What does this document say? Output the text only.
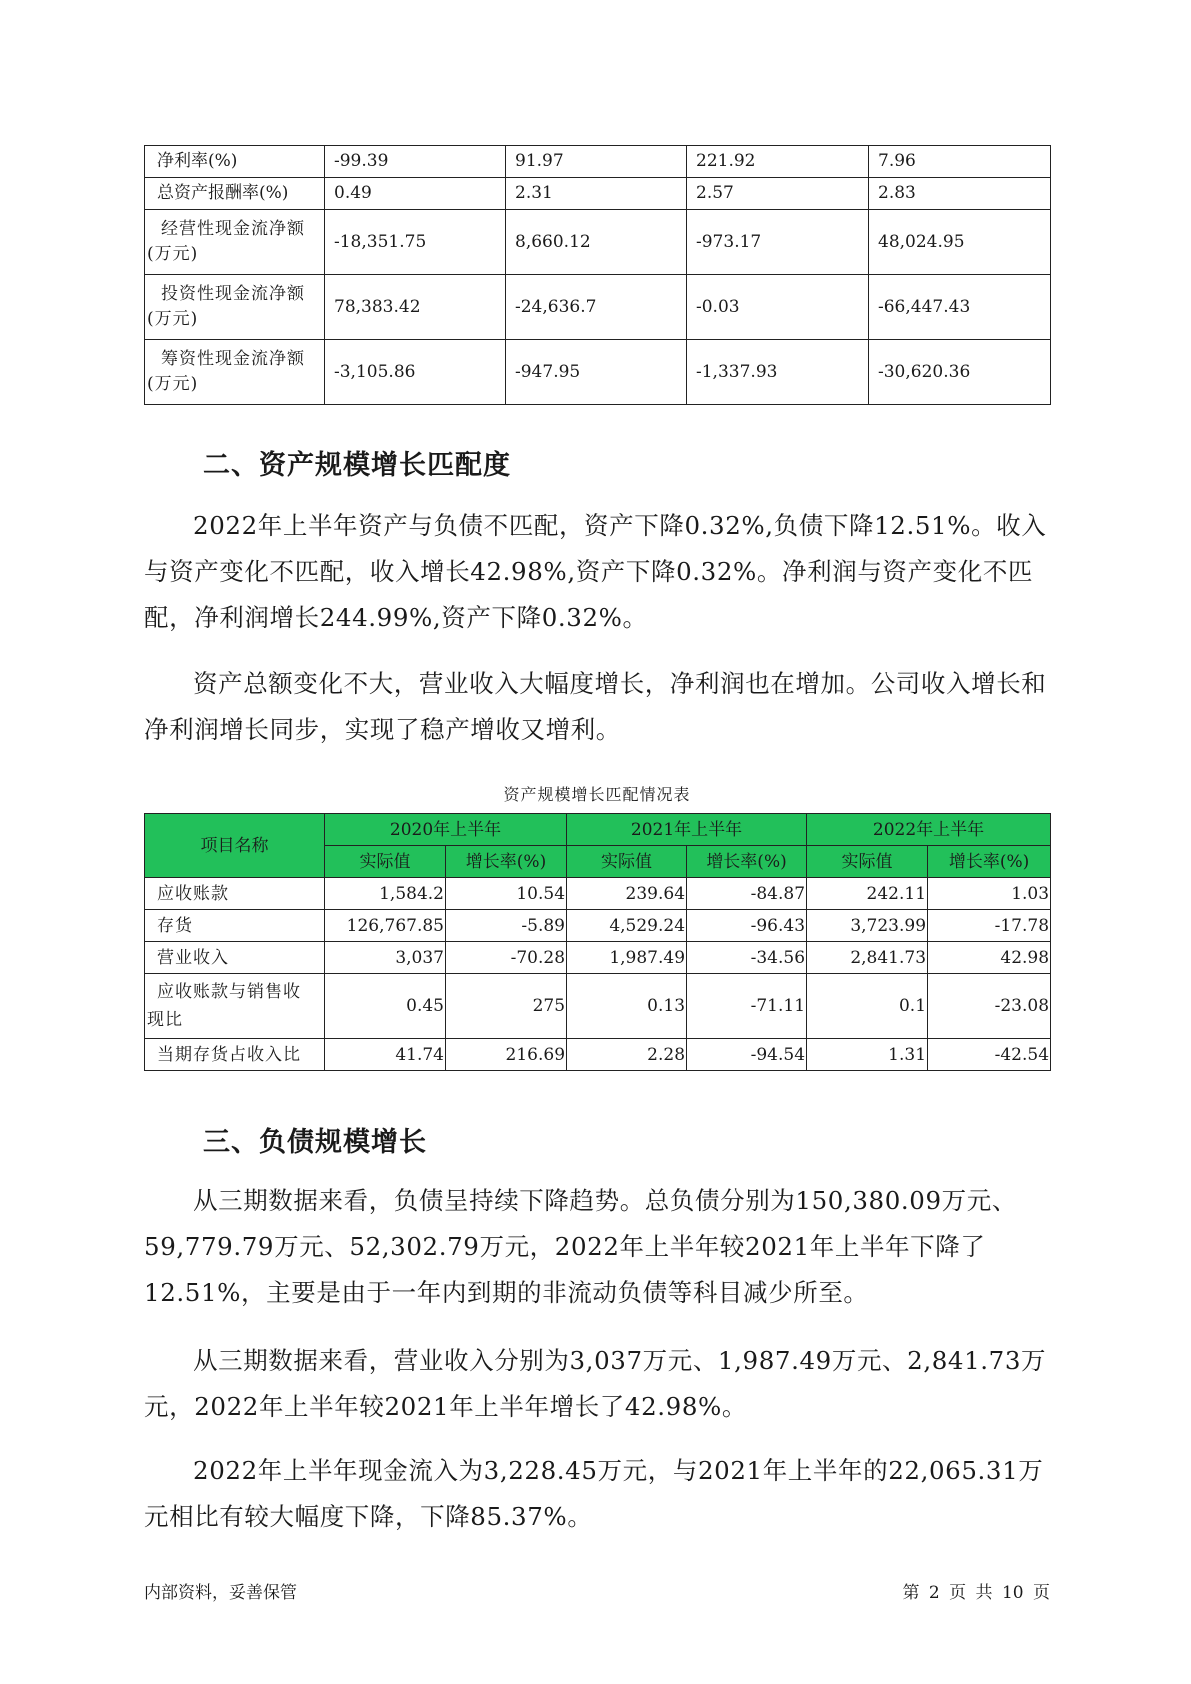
净利率(%)	-99.39	91.97	221.92	7.96
总资产报酬率(%)	0.49	2.31	2.57	2.83

经营性现金流净额
(万元)	-18,351.75	8,660.12	-973.17	48,024.95

投资性现金流净额
(万元)	78,383.42	-24,636.7	-0.03	-66,447.43

筹资性现金流净额
(万元)	-3,105.86	-947.95	-1,337.93	-30,620.36
二、资产规模增长匹配度

2022年上半年资产与负债不匹配，资产下降0.32%,负债下降12.51%。收入与资产变化不匹配，收入增长42.98%,资产下降0.32%。净利润与资产变化不匹配，净利润增长244.99%,资产下降0.32%。

资产总额变化不大，营业收入大幅度增长，净利润也在增加。公司收入增长和净利润增长同步，实现了稳产增收又增利。

资产规模增长匹配情况表
项目名称	2020年上半年		2021年上半年		2022年上半年	
	实际值	增长率(%)	实际值	增长率(%)	实际值	增长率(%)
应收账款	1,584.2	10.54	239.64	-84.87	242.11	1.03
存货	126,767.85	-5.89	4,529.24	-96.43	3,723.99	-17.78
营业收入	3,037	-70.28	1,987.49	-34.56	2,841.73	42.98

应收账款与销售收
现比	0.45	275	0.13	-71.11	0.1	-23.08
当期存货占收入比	41.74	216.69	2.28	-94.54	1.31	-42.54
三、负债规模增长

从三期数据来看，负债呈持续下降趋势。总负债分别为150,380.09万元、59,779.79万元、52,302.79万元，2022年上半年较2021年上半年下降了12.51%，主要是由于一年内到期的非流动负债等科目减少所至。

从三期数据来看，营业收入分别为3,037万元、1,987.49万元、2,841.73万元，2022年上半年较2021年上半年增长了42.98%。

2022年上半年现金流入为3,228.45万元，与2021年上半年的22,065.31万元相比有较大幅度下降，下降85.37%。

内部资料，妥善保管	第 2 页 共 10 页
